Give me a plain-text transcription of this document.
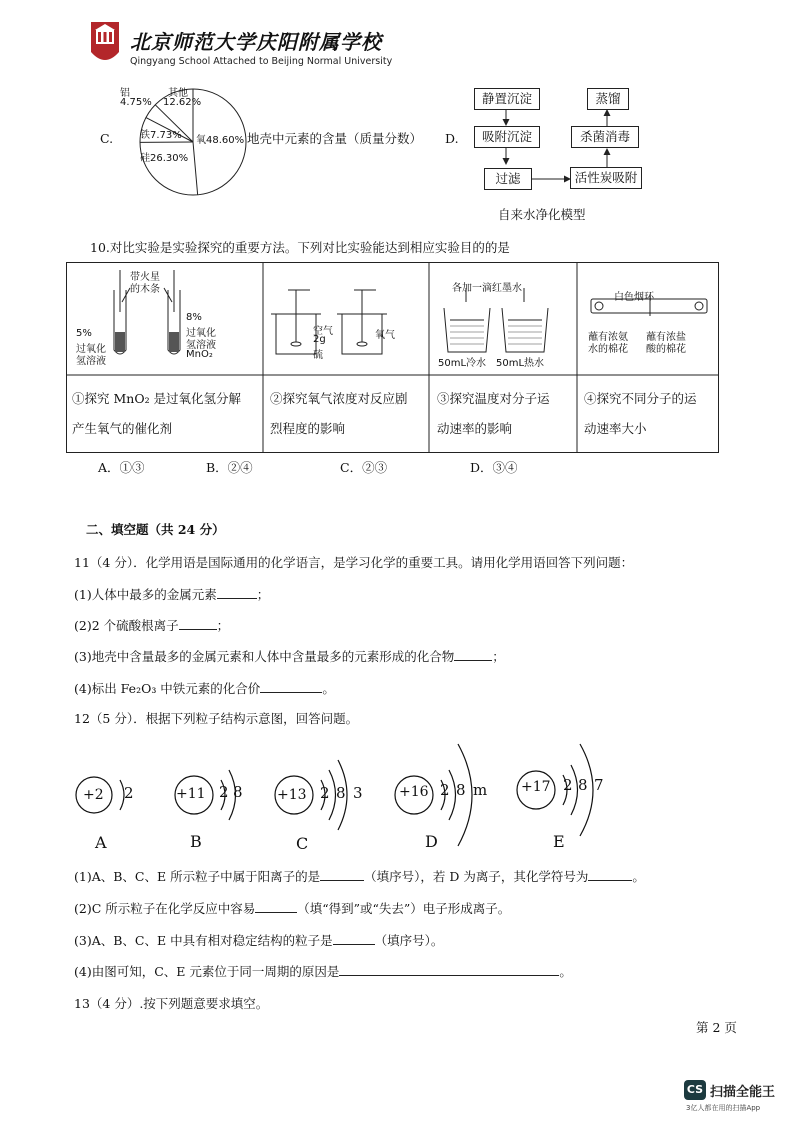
北京师范大学庆阳附属学校
Qingyang School Attached to Beijing Normal University
C.
铝
4.75%
其他
12.62%
铁7.73%
硅26.30%
氧48.60% 地壳中元素的含量（质量分数） D.
静置沉淀
吸附沉淀
过滤	活性炭吸附
杀菌消毒
蒸馏
自来水净化模型
10.对比实验是实验探究的重要方法。下列对比实验能达到相应实验目的的是
带火星
的木条
5%
过氧化
氢溶液
8%
过氧化
氢溶液
MnO₂
空气
2g
硫
氧气
各加一滴红墨水
50mL冷水 50mL热水
白色烟环
蘸有浓氨
水的棉花
蘸有浓盐
酸的棉花
①探究 MnO₂ 是过氧化氢分解
产生氧气的催化剂
②探究氧气浓度对反应剧
烈程度的影响
③探究温度对分子运
动速率的影响
④探究不同分子的运
动速率大小
A．①③	B．②④	C．②③	D．③④
二、填空题（共 24 分）
11（4 分）．化学用语是国际通用的化学语言，是学习化学的重要工具。请用化学用语回答下列问题：
(1)人体中最多的金属元素	；
(2)2 个硫酸根离子	；
(3)地壳中含量最多的金属元素和人体中含量最多的元素形成的化合物	；
(4)标出 Fe₂O₃ 中铁元素的化合价	。
12（5 分）．根据下列粒子结构示意图，回答问题。
+2 2
A
+11 2 8
B
+13 2 8 3
C
+16 2 8 m
D
+17 2 8 7
E
(1)A、B、C、E 所示粒子中属于阳离子的是	（填序号），若 D 为离子，其化学符号为	。
(2)C 所示粒子在化学反应中容易	（填“得到”或“失去”）电子形成离子。
(3)A、B、C、E 中具有相对稳定结构的粒子是	（填序号）。
(4)由图可知，C、E 元素位于同一周期的原因是	。
13（4 分）.按下列题意要求填空。
第 2 页
CS 扫描全能王
3亿人都在用的扫描App
